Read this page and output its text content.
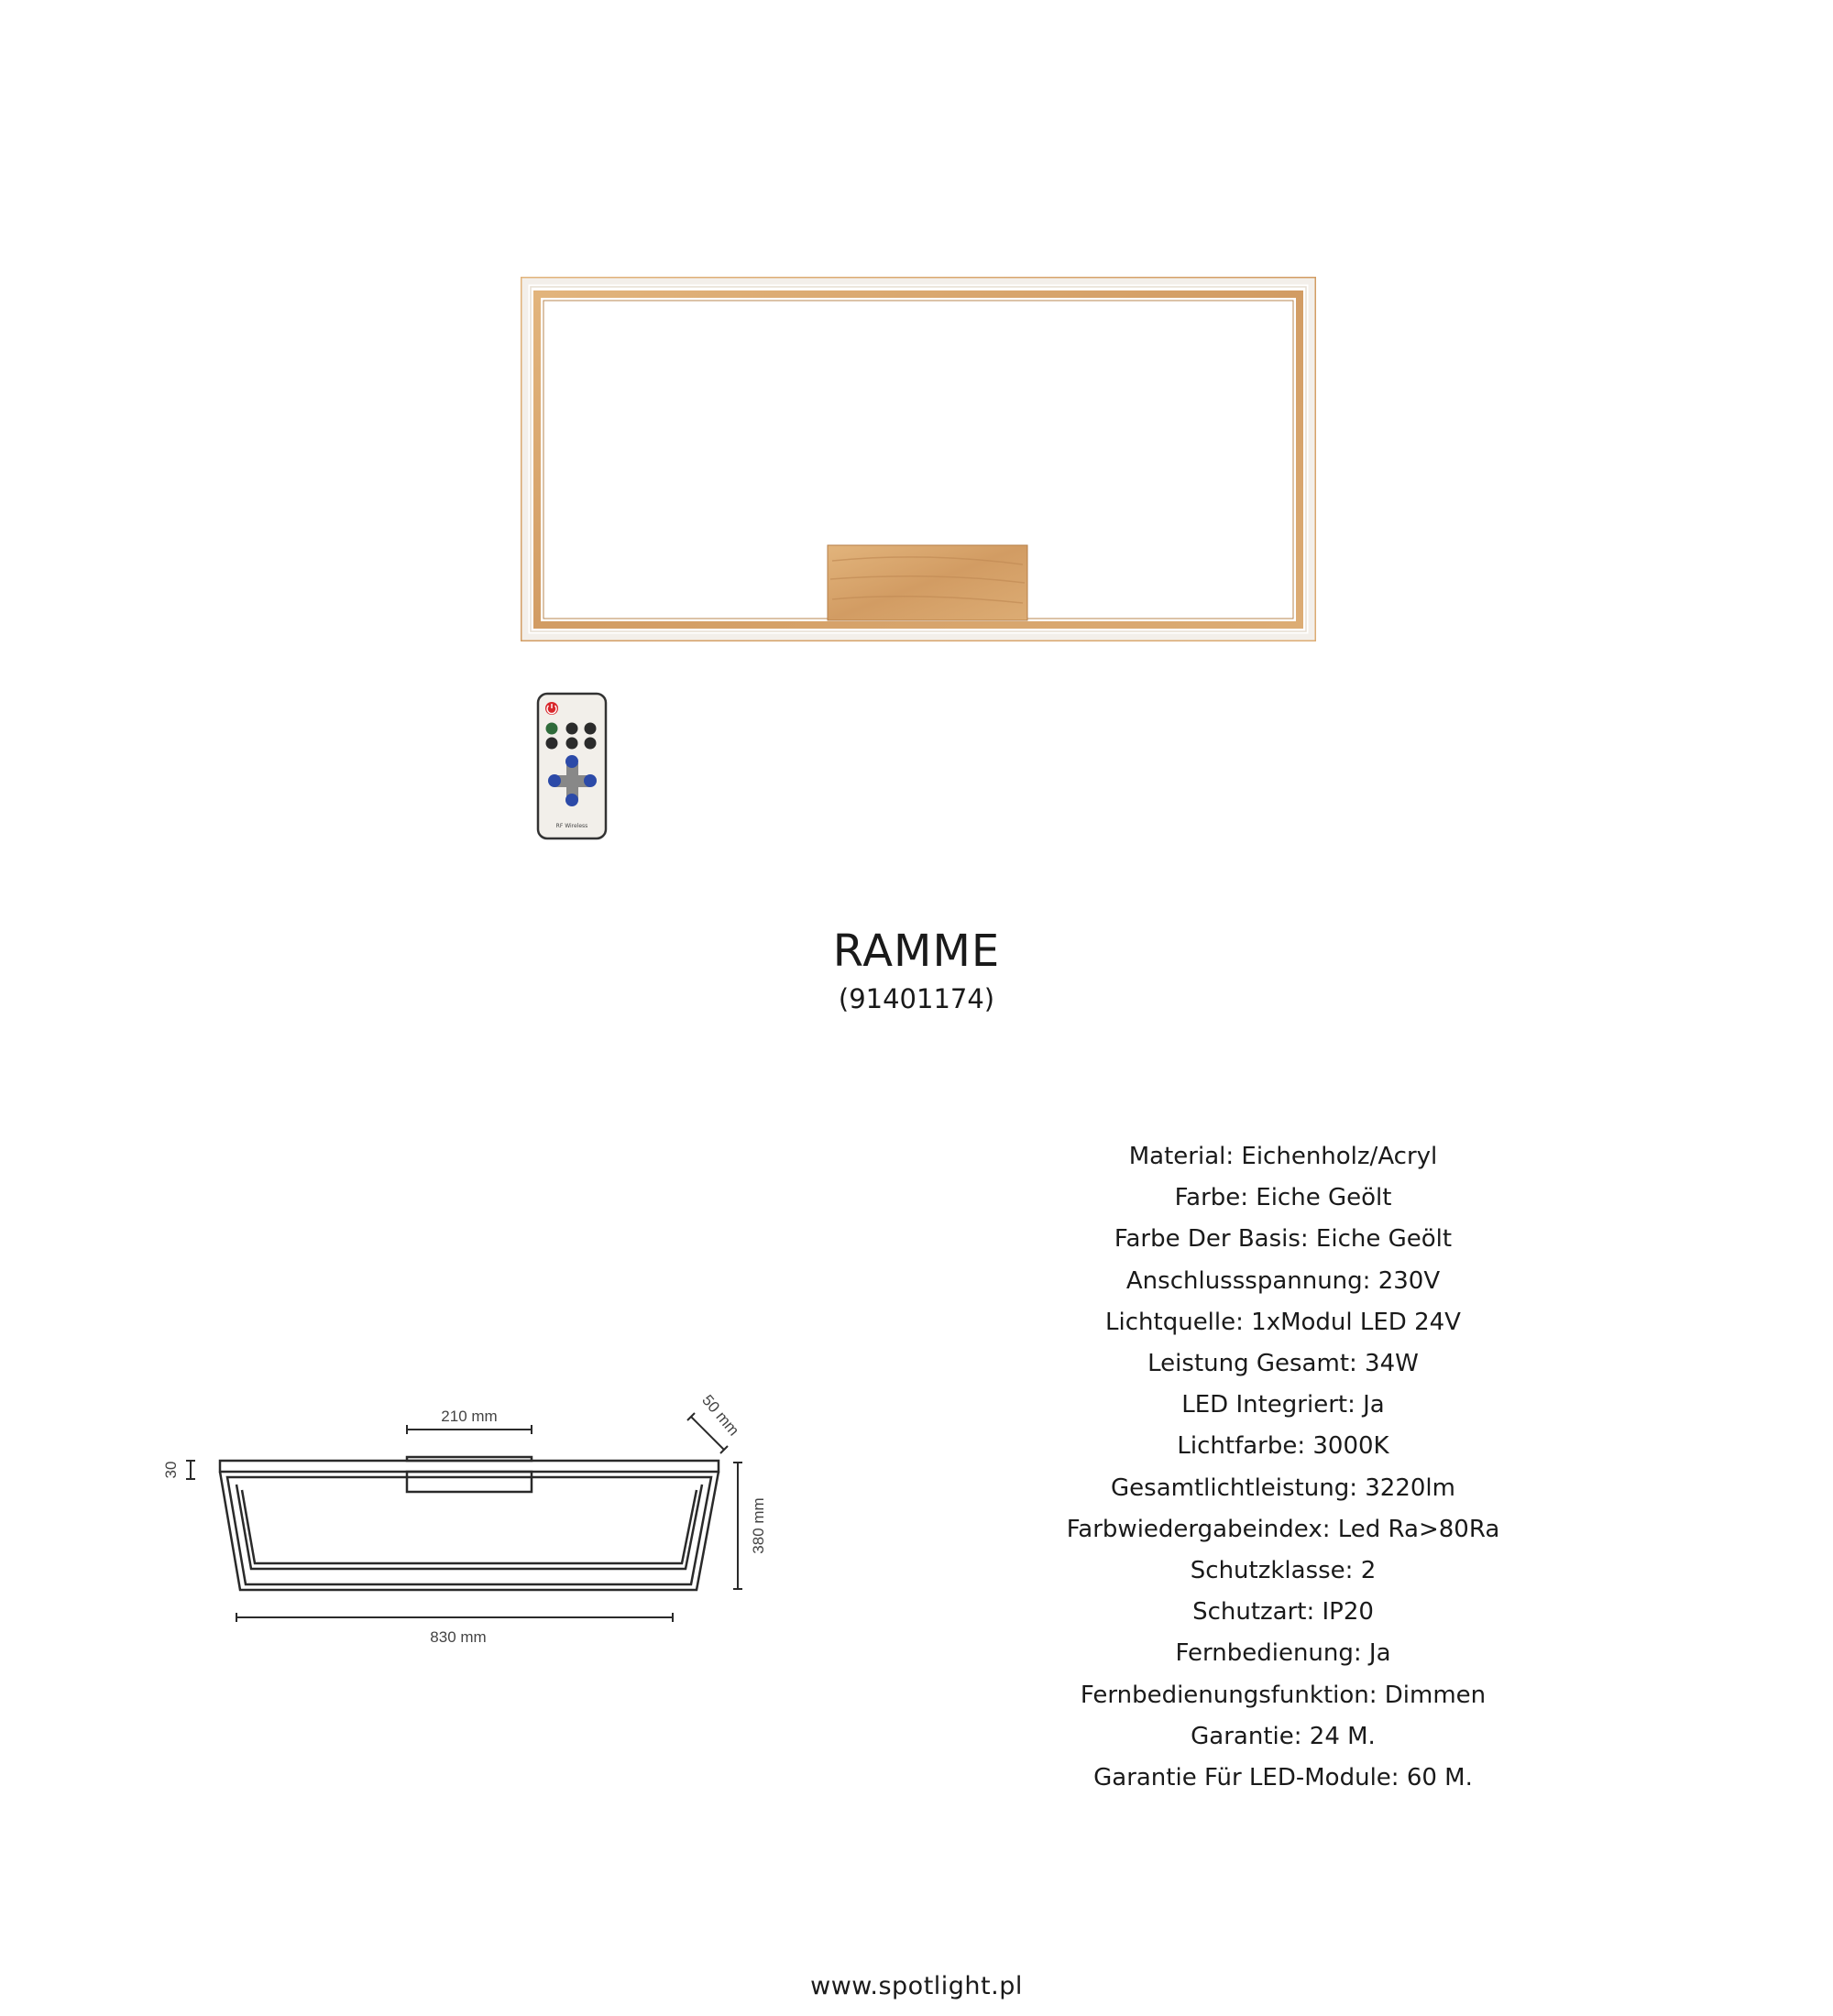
RF Wireless
RAMME
(91401174)
210 mm
830 mm
380 mm
30
50 mm
Material: Eichenholz/Acryl
Farbe: Eiche Geölt
Farbe Der Basis: Eiche Geölt
Anschlussspannung: 230V
Lichtquelle: 1xModul LED 24V
Leistung Gesamt: 34W
LED Integriert: Ja
Lichtfarbe: 3000K
Gesamtlichtleistung: 3220lm
Farbwiedergabeindex: Led Ra>80Ra
Schutzklasse: 2
Schutzart: IP20
Fernbedienung: Ja
Fernbedienungsfunktion: Dimmen
Garantie: 24 M.
Garantie Für LED-Module: 60 M.
www.spotlight.pl
